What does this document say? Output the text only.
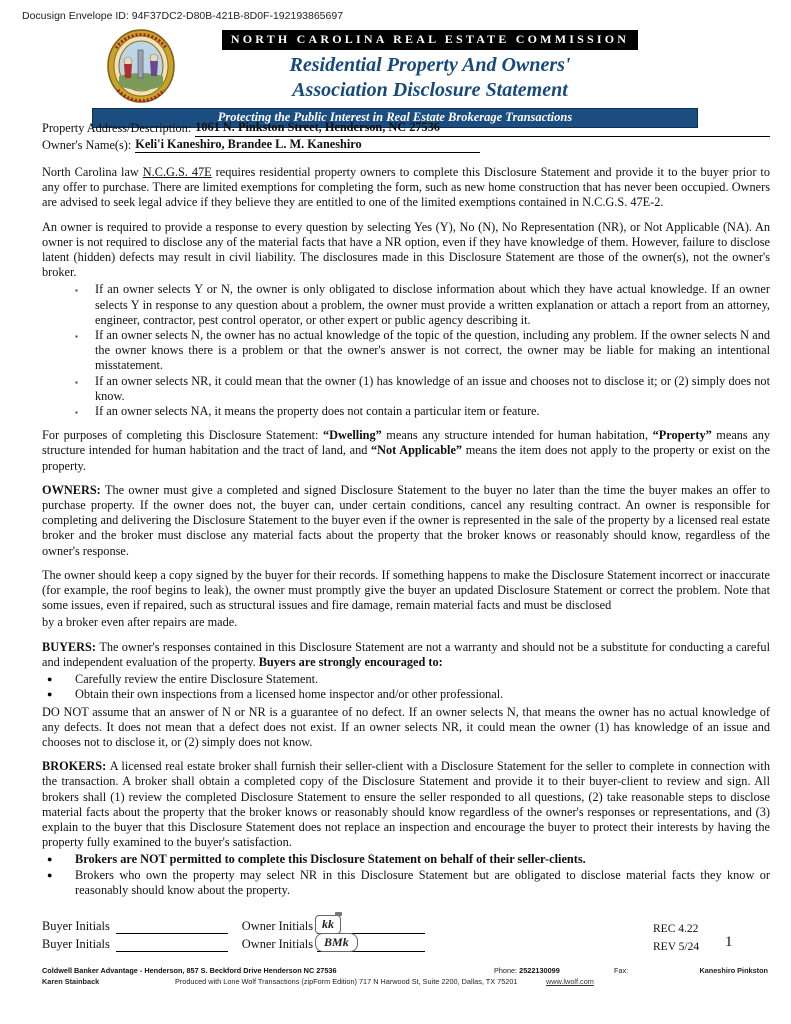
Docusign Envelope ID: 94F37DC2-D80B-421B-8D0F-192193865697
NORTH CAROLINA REAL ESTATE COMMISSION
Residential Property And Owners'
Association Disclosure Statement
Protecting the Public Interest in Real Estate Brokerage Transactions
Property Address/Description: 1061 N. Pinkston Street, Henderson, NC 27536
Owner's Name(s): Keli'i Kaneshiro, Brandee L. M. Kaneshiro
North Carolina law N.C.G.S. 47E requires residential property owners to complete this Disclosure Statement and provide it to the buyer prior to any offer to purchase. There are limited exemptions for completing the form, such as new home construction that has never been occupied. Owners are advised to seek legal advice if they believe they are entitled to one of the limited exemptions contained in N.C.G.S. 47E-2.
An owner is required to provide a response to every question by selecting Yes (Y), No (N), No Representation (NR), or Not Applicable (NA). An owner is not required to disclose any of the material facts that have a NR option, even if they have knowledge of them. However, failure to disclose latent (hidden) defects may result in civil liability. The disclosures made in this Disclosure Statement are those of the owner(s), not the owner's broker.
▪ If an owner selects Y or N, the owner is only obligated to disclose information about which they have actual knowledge. If an owner selects Y in response to any question about a problem, the owner must provide a written explanation or attach a report from an attorney, engineer, contractor, pest control operator, or other expert or public agency describing it.
▪ If an owner selects N, the owner has no actual knowledge of the topic of the question, including any problem. If the owner selects N and the owner knows there is a problem or that the owner's answer is not correct, the owner may be liable for making an intentional misstatement.
▪ If an owner selects NR, it could mean that the owner (1) has knowledge of an issue and chooses not to disclose it; or (2) simply does not know.
▪ If an owner selects NA, it means the property does not contain a particular item or feature.
For purposes of completing this Disclosure Statement: “Dwelling” means any structure intended for human habitation, “Property” means any structure intended for human habitation and the tract of land, and “Not Applicable” means the item does not apply to the property or exist on the property.
OWNERS: The owner must give a completed and signed Disclosure Statement to the buyer no later than the time the buyer makes an offer to purchase property. If the owner does not, the buyer can, under certain conditions, cancel any resulting contract. An owner is responsible for completing and delivering the Disclosure Statement to the buyer even if the owner is represented in the sale of the property by a licensed real estate broker and the broker must disclose any material facts about the property that the broker knows or reasonably should know, regardless of the owner's response.
The owner should keep a copy signed by the buyer for their records. If something happens to make the Disclosure Statement incorrect or inaccurate (for example, the roof begins to leak), the owner must promptly give the buyer an updated Disclosure Statement or correct the problem. Note that some issues, even if repaired, such as structural issues and fire damage, remain material facts and must be disclosed
by a broker even after repairs are made.
BUYERS: The owner's responses contained in this Disclosure Statement are not a warranty and should not be a substitute for conducting a careful and independent evaluation of the property. Buyers are strongly encouraged to:
● Carefully review the entire Disclosure Statement.
● Obtain their own inspections from a licensed home inspector and/or other professional.
DO NOT assume that an answer of N or NR is a guarantee of no defect. If an owner selects N, that means the owner has no actual knowledge of any defects. It does not mean that a defect does not exist. If an owner selects NR, it could mean the owner (1) has knowledge of an issue and chooses not to disclose it, or (2) simply does not know.
BROKERS: A licensed real estate broker shall furnish their seller-client with a Disclosure Statement for the seller to complete in connection with the transaction. A broker shall obtain a completed copy of the Disclosure Statement and provide it to their buyer-client to review and sign. All brokers shall (1) review the completed Disclosure Statement to ensure the seller responded to all questions, (2) take reasonable steps to disclose material facts about the property that the broker knows or reasonably should know regardless of the owner's responses or representations, and (3) explain to the buyer that this Disclosure Statement does not replace an inspection and encourage the buyer to protect their interests by having the property fully examined to the buyer's satisfaction.
● Brokers are NOT permitted to complete this Disclosure Statement on behalf of their seller-clients.
● Brokers who own the property may select NR in this Disclosure Statement but are obligated to disclose material facts they know or reasonably should know about the property.
Buyer Initials	Owner Initials kk
Buyer Initials	Owner Initials BMk
REC 4.22
REV 5/24	1
Coldwell Banker Advantage - Henderson, 857 S. Beckford Drive Henderson NC 27536	Phone: 2522130099	Fax:	Kaneshiro Pinkston
Karen Stainback	Produced with Lone Wolf Transactions (zipForm Edition) 717 N Harwood St, Suite 2200, Dallas, TX 75201	www.lwolf.com
